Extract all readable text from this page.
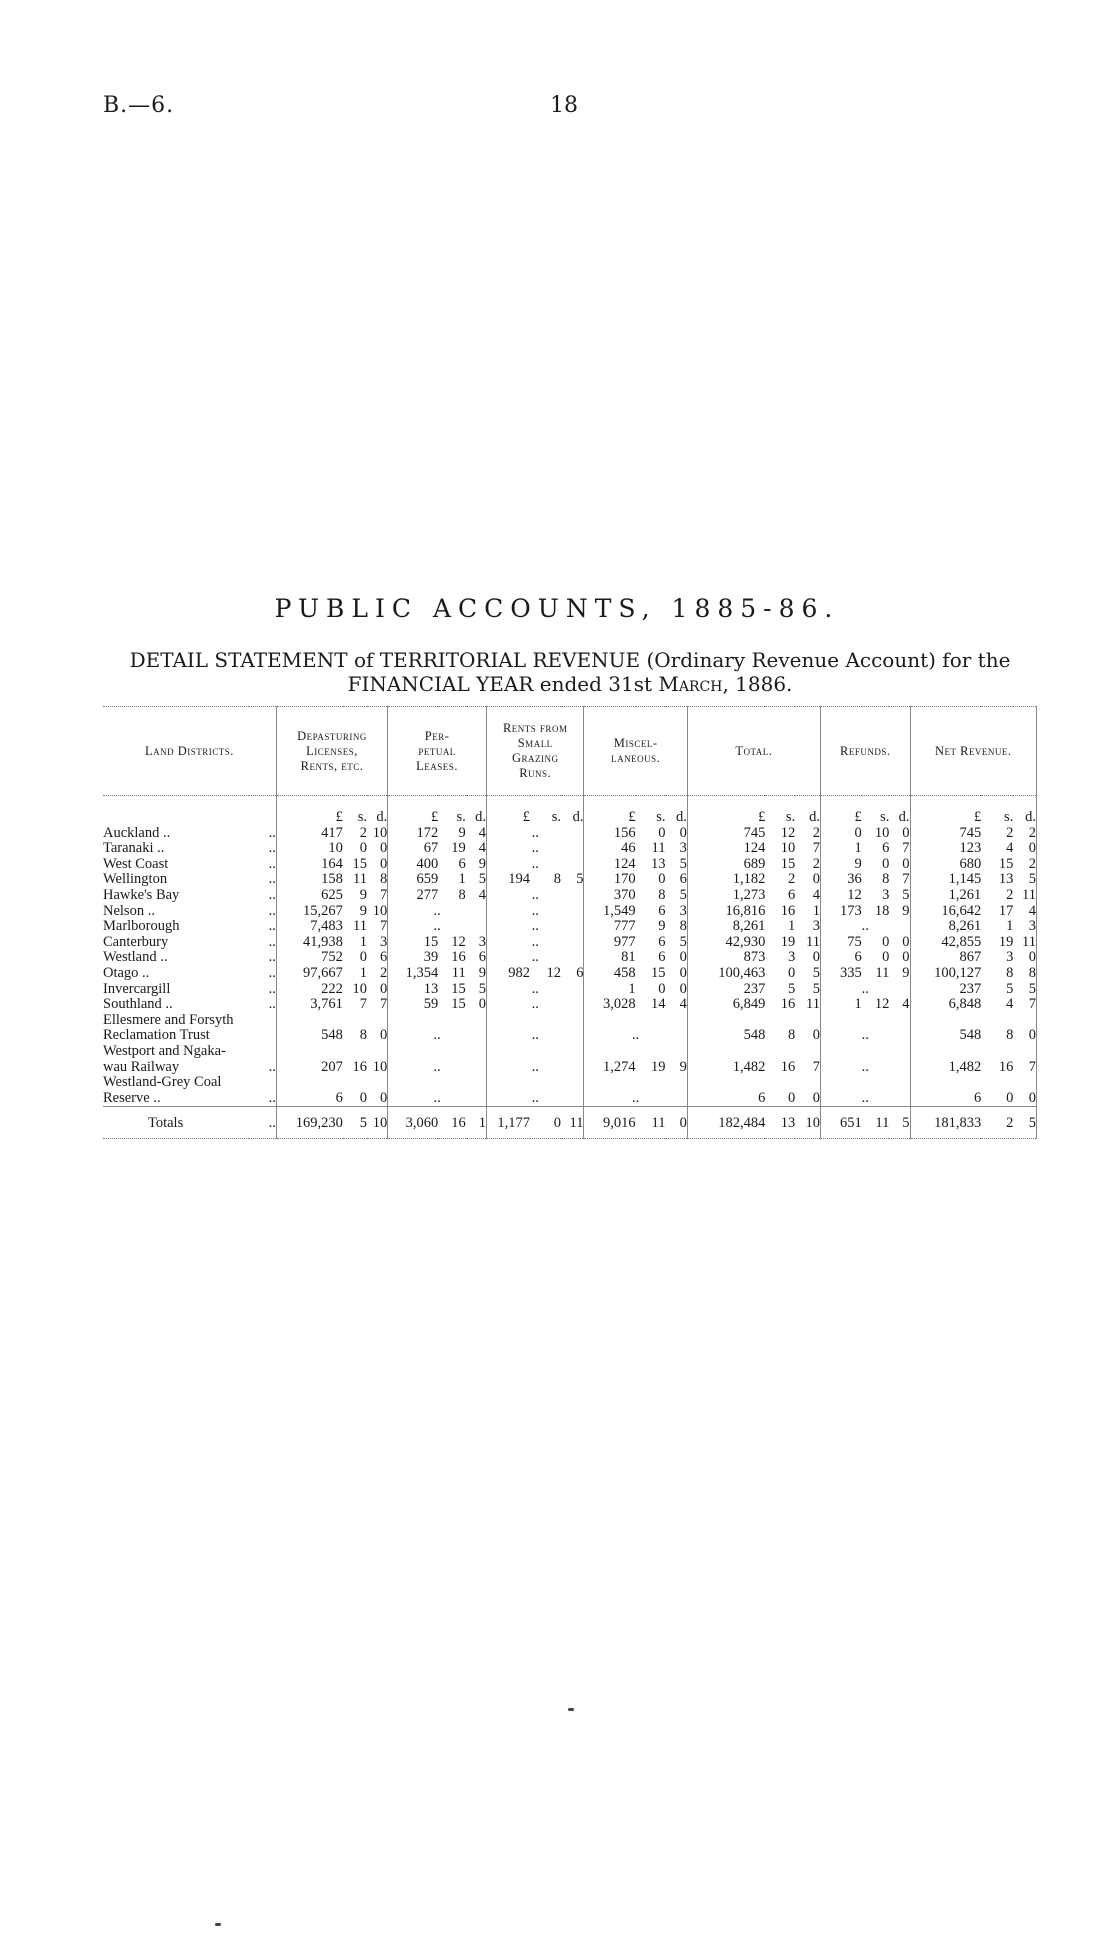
B.—6.	18
PUBLIC ACCOUNTS, 1885-86.
DETAIL STATEMENT of TERRITORIAL REVENUE (Ordinary Revenue Account) for the
FINANCIAL YEAR ended 31st March, 1886.
Land Districts.		Depasturing
Licenses,
Rents, etc.			Per-
petual
Leases.			Rents from
Small
Grazing
Runs.			Miscel-
laneous.			Total.			Refunds.			Net Revenue.		
		£	s.	d.	£	s.	d.	£	s.	d.	£	s.	d.	£	s.	d.	£	s.	d.	£	s.	d.
Auckland ..	..	417	2	10	172	9	4	..			156	0	0	745	12	2	0	10	0	745	2	2
Taranaki ..	..	10	0	0	67	19	4	..			46	11	3	124	10	7	1	6	7	123	4	0
West Coast	..	164	15	0	400	6	9	..			124	13	5	689	15	2	9	0	0	680	15	2
Wellington	..	158	11	8	659	1	5	194	8	5	170	0	6	1,182	2	0	36	8	7	1,145	13	5
Hawke's Bay	..	625	9	7	277	8	4	..			370	8	5	1,273	6	4	12	3	5	1,261	2	11
Nelson ..	..	15,267	9	10	..			..			1,549	6	3	16,816	16	1	173	18	9	16,642	17	4
Marlborough	..	7,483	11	7	..			..			777	9	8	8,261	1	3	..			8,261	1	3
Canterbury	..	41,938	1	3	15	12	3	..			977	6	5	42,930	19	11	75	0	0	42,855	19	11
Westland ..	..	752	0	6	39	16	6	..			81	6	0	873	3	0	6	0	0	867	3	0
Otago ..	..	97,667	1	2	1,354	11	9	982	12	6	458	15	0	100,463	0	5	335	11	9	100,127	8	8
Invercargill	..	222	10	0	13	15	5	..			1	0	0	237	5	5	..			237	5	5
Southland ..	..	3,761	7	7	59	15	0	..			3,028	14	4	6,849	16	11	1	12	4	6,848	4	7
Ellesmere and Forsyth																						
Reclamation Trust		548	8	0	..			..			..			548	8	0	..			548	8	0
Westport and Ngaka-																						
wau Railway	..	207	16	10	..			..			1,274	19	9	1,482	16	7	..			1,482	16	7
Westland-Grey Coal																						
Reserve ..	..	6	0	0	..			..			..			6	0	0	..			6	0	0
Totals	..	169,230	5	10	3,060	16	1	1,177	0	11	9,016	11	0	182,484	13	10	651	11	5	181,833	2	5
